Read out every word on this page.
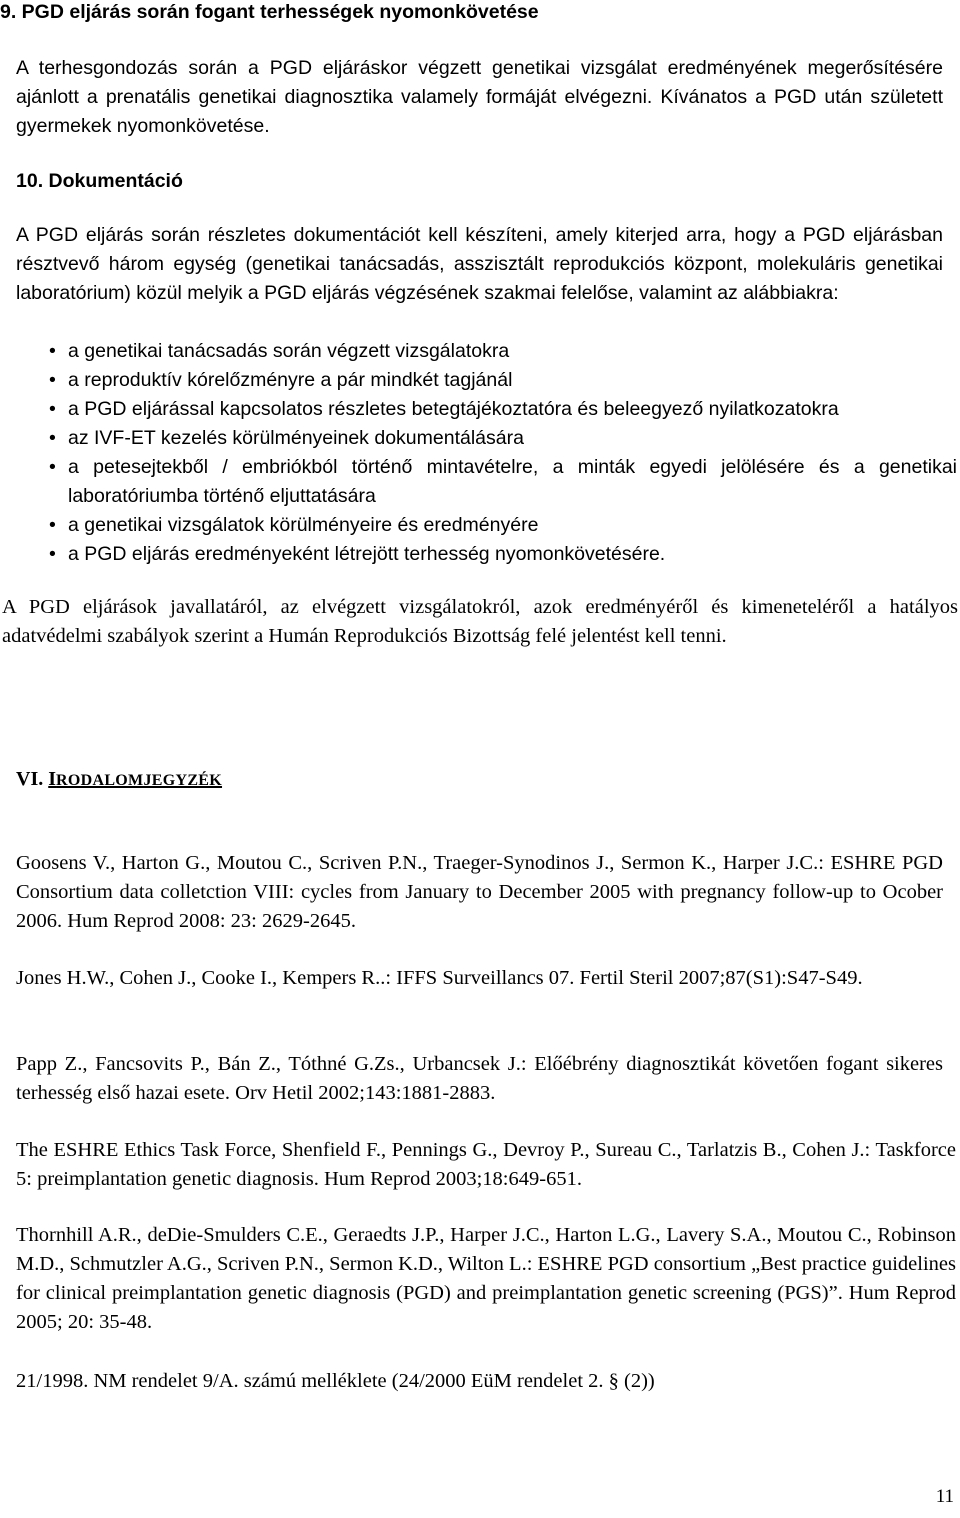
9. PGD eljárás során fogant terhességek nyomonkövetése

A terhesgondozás során a PGD eljáráskor végzett genetikai vizsgálat eredményének megerősítésére ajánlott a prenatális genetikai diagnosztika valamely formáját elvégezni. Kívánatos a PGD után született gyermekek nyomonkövetése.

10. Dokumentáció

A PGD eljárás során részletes dokumentációt kell készíteni, amely kiterjed arra, hogy a PGD eljárásban résztvevő három egység (genetikai tanácsadás, asszisztált reprodukciós központ, molekuláris genetikai laboratórium) közül melyik a PGD eljárás végzésének szakmai felelőse, valamint az alábbiakra:

• a genetikai tanácsadás során végzett vizsgálatokra
• a reproduktív kórelőzményre a pár mindkét tagjánál
• a PGD eljárással kapcsolatos részletes betegtájékoztatóra és beleegyező nyilatkozatokra
• az IVF-ET kezelés körülményeinek dokumentálására
• a petesejtekből / embriókból történő mintavételre, a minták egyedi jelölésére és a genetikai laboratóriumba történő eljuttatására
• a genetikai vizsgálatok körülményeire és eredményére
• a PGD eljárás eredményeként létrejött terhesség nyomonkövetésére.

A PGD eljárások javallatáról, az elvégzett vizsgálatokról, azok eredményéről és kimeneteléről a hatályos adatvédelmi szabályok szerint a Humán Reprodukciós Bizottság felé jelentést kell tenni.

VI. IRODALOMJEGYZÉK

Goosens V., Harton G., Moutou C., Scriven P.N., Traeger-Synodinos J., Sermon K., Harper J.C.: ESHRE PGD Consortium data colletction VIII: cycles from January to December 2005 with pregnancy follow-up to Ocober 2006. Hum Reprod 2008: 23: 2629-2645.

Jones H.W., Cohen J., Cooke I., Kempers R..: IFFS Surveillancs 07. Fertil Steril 2007;87(S1):S47-S49.

Papp Z., Fancsovits P., Bán Z., Tóthné G.Zs., Urbancsek J.: Előébrény diagnosztikát követően fogant sikeres terhesség első hazai esete. Orv Hetil 2002;143:1881-2883.

The ESHRE Ethics Task Force, Shenfield F., Pennings G., Devroy P., Sureau C., Tarlatzis B., Cohen J.: Taskforce 5: preimplantation genetic diagnosis. Hum Reprod 2003;18:649-651.

Thornhill A.R., deDie-Smulders C.E., Geraedts J.P., Harper J.C., Harton L.G., Lavery S.A., Moutou C., Robinson M.D., Schmutzler A.G., Scriven P.N., Sermon K.D., Wilton L.: ESHRE PGD consortium „Best practice guidelines for clinical preimplantation genetic diagnosis (PGD) and preimplantation genetic screening (PGS)”. Hum Reprod 2005; 20: 35-48.

21/1998. NM rendelet 9/A. számú melléklete (24/2000 EüM rendelet 2. § (2))

11
